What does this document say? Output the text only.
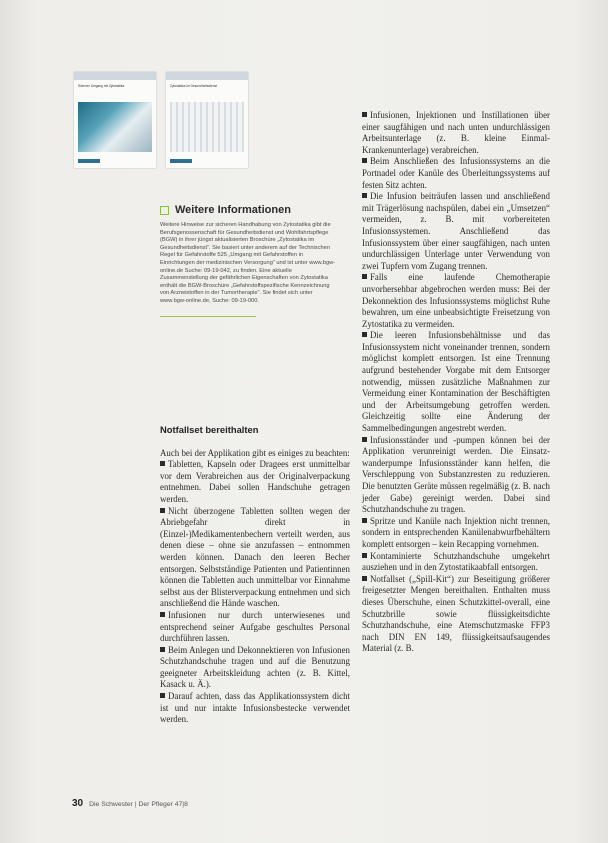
Sicherer Umgang mit Zytostatika	Zytostatika im Gesundheitsdienst
Weitere Informationen
Weitere Hinweise zur sicheren Handhabung von Zytostatika gibt die Berufsgenossenschaft für Gesundheitsdienst und Wohlfahrtspflege (BGW) in ihrer jüngst aktualisierten Broschüre „Zytostatika im Gesundheitsdienst“. Sie basiert unter anderem auf der Technischen Regel für Gefahrstoffe 525 „Umgang mit Gefahrstoffen in Einrichtungen der medizinischen Versorgung“ und ist unter www.bgw-online.de Suche: 09-19-042, zu finden. Eine aktuelle Zusammenstellung der gefährlichen Eigenschaften von Zytostatika enthält die BGW-Broschüre „Gefahrstoffspezifische Kennzeichnung von Arzneistoffen in der Tumortherapie“. Sie findet sich unter www.bgw-online.de, Suche: 09-19-000.
Notfallset bereithalten

Auch bei der Applikation gibt es einiges zu beachten:

Tabletten, Kapseln oder Dragees erst unmittelbar vor dem Verabreichen aus der Originalverpackung entnehmen. Dabei sollen Handschuhe getragen werden.

Nicht überzogene Tabletten sollten wegen der Abriebgefahr direkt in (Einzel-)Medikamentenbechern verteilt werden, aus denen diese – ohne sie anzufassen – entnommen werden können. Danach den leeren Becher entsorgen. Selbstständige Patienten und Patientinnen können die Tabletten auch unmittelbar vor Einnahme selbst aus der Blisterverpackung entnehmen und sich anschließend die Hände waschen.

Infusionen nur durch unterwiesenes und entsprechend seiner Aufgabe geschultes Personal durchführen lassen.

Beim Anlegen und Dekonnektieren von Infusionen Schutzhandschuhe tragen und auf die Benutzung geeigneter Arbeitskleidung achten (z. B. Kittel, Kasack u. Ä.).

Darauf achten, dass das Applikationssystem dicht ist und nur intakte Infusionsbestecke verwendet werden.

Infusionen, Injektionen und Instillationen über einer saugfähigen und nach unten undurchlässigen Arbeitsunterlage (z. B. kleine Einmal-Krankenunterlage) verabreichen.

Beim Anschließen des Infusionssystems an die Portnadel oder Kanüle des Überleitungssystems auf festen Sitz achten.

Die Infusion beiträufen lassen und anschließend mit Trägerlösung nachspülen, dabei ein „Umsetzen“ vermeiden, z. B. mit vorbereiteten Infusionssystemen. Anschließend das Infusionssystem über einer saugfähigen, nach unten undurchlässigen Unterlage unter Verwendung von zwei Tupfern vom Zugang trennen.

Falls eine laufende Chemotherapie unvorhersehbar abgebrochen werden muss: Bei der Dekonnektion des Infusionssystems möglichst Ruhe bewahren, um eine unbeabsichtigte Freisetzung von Zytostatika zu vermeiden.

Die leeren Infusionsbehältnisse und das Infusionssystem nicht voneinander trennen, sondern möglichst komplett entsorgen. Ist eine Trennung aufgrund bestehender Vorgabe mit dem Entsorger notwendig, müssen zusätzliche Maßnahmen zur Vermeidung einer Kontamination der Beschäftigten und der Arbeitsumgebung getroffen werden. Gleichzeitig sollte eine Änderung der Sammelbedingungen angestrebt werden.

Infusionsständer und -pumpen können bei der Applikation verunreinigt werden. Die Einsatz-wanderpumpe Infusionsständer kann helfen, die Verschleppung von Substanzresten zu reduzieren. Die benutzten Geräte müssen regelmäßig (z. B. nach jeder Gabe) gereinigt werden. Dabei sind Schutzhandschuhe zu tragen.

Spritze und Kanüle nach Injektion nicht trennen, sondern in entsprechenden Kanülenabwurfbehältern komplett entsorgen – kein Recapping vornehmen.

Kontaminierte Schutzhandschuhe umgekehrt ausziehen und in den Zytostatikaabfall entsorgen.

Notfallset („Spill-Kit“) zur Beseitigung größerer freigesetzter Mengen bereithalten. Enthalten muss dieses Überschuhe, einen Schutzkittel-overall, eine Schutzbrille sowie flüssigkeitsdichte Schutzhandschuhe, eine Atemschutzmaske FFP3 nach DIN EN 149, flüssigkeitsaufsaugendes Material (z. B.

30 Die Schwester | Der Pfleger 47|8
